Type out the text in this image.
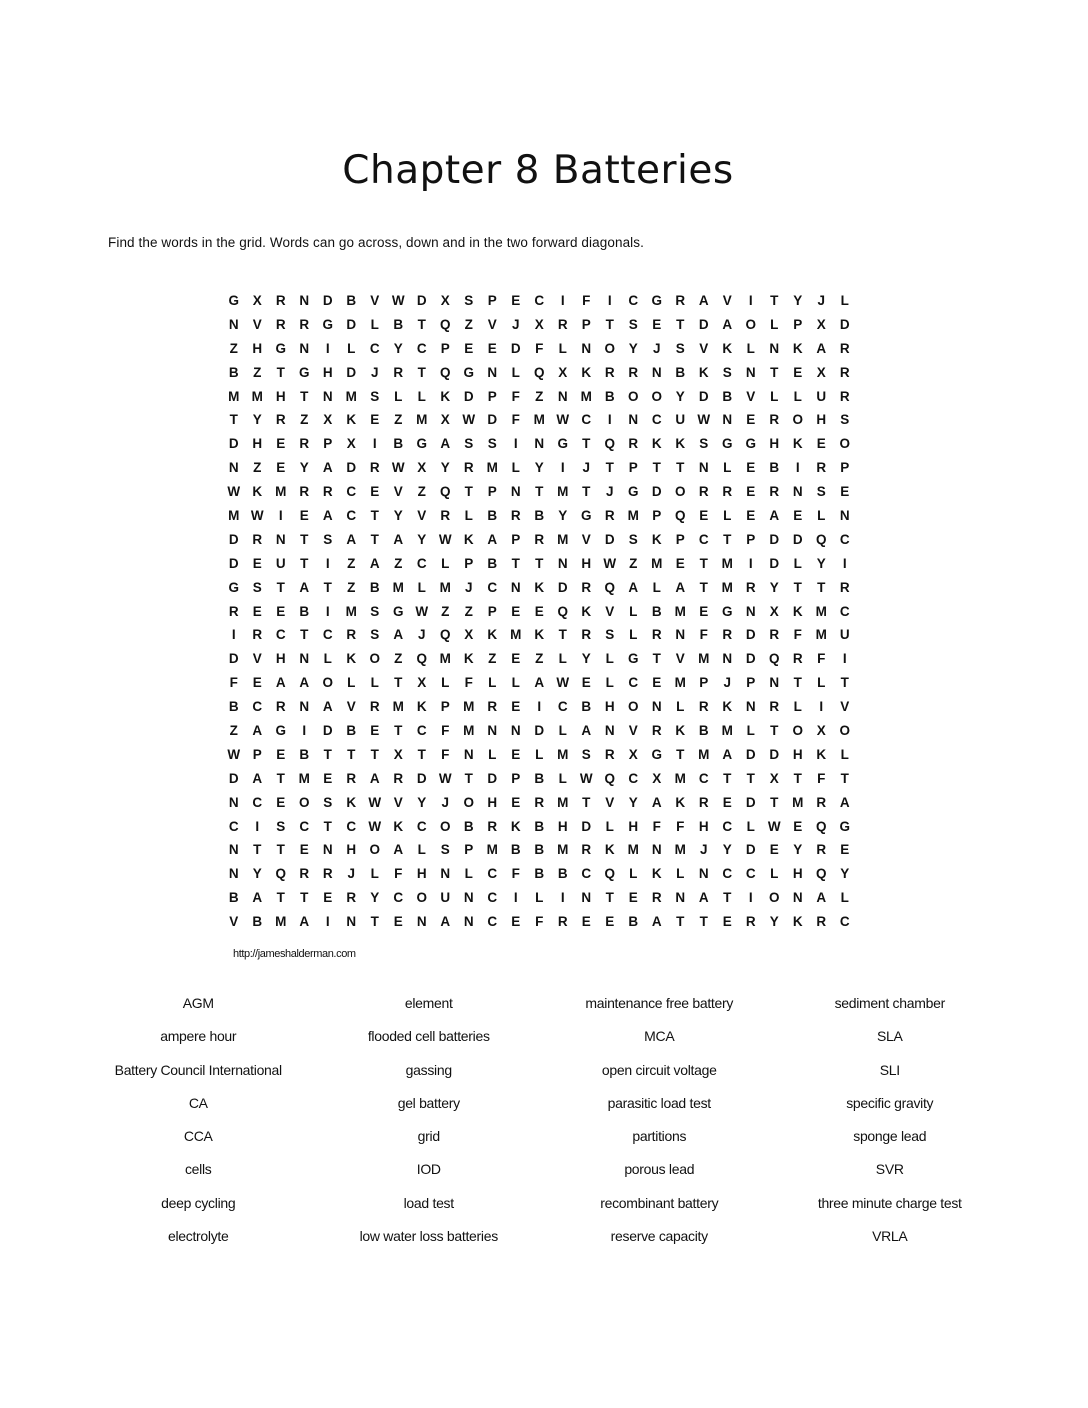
Chapter 8 Batteries
Find the words in the grid. Words can go across, down and in the two forward diagonals.
G X R N D B V W D X S P E C I F I C G R A V I T Y J L
N V R R G D L B T Q Z V J X R P T S E T D A O L P X D
Z H G N I L C Y C P E E D F L N O Y J S V K L N K A R
B Z T G H D J R T Q G N L Q X K R R N B K S N T E X R
M M H T N M S L L K D P F Z N M B O O Y D B V L L U R
T Y R Z X K E Z M X W D F M W C I N C U W N E R O H S
D H E R P X I B G A S S I N G T Q R K K S G G H K E O
N Z E Y A D R W X Y R M L Y I J T P T T N L E B I R P
W K M R R C E V Z Q T P N T M T J G D O R R E R N S E
M W I E A C T Y V R L B R B Y G R M P Q E L E A E L N
D R N T S A T A Y W K A P R M V D S K P C T P D D Q C
D E U T I Z A Z C L P B T T N H W Z M E T M I D L Y I
G S T A T Z B M L M J C N K D R Q A L A T M R Y T T R
R E E B I M S G W Z Z P E E Q K V L B M E G N X K M C
I R C T C R S A J Q X K M K T R S L R N F R D R F M U
D V H N L K O Z Q M K Z E Z L Y L G T V M N D Q R F I
F E A A O L L T X L F L L A W E L C E M P J P N T L T
B C R N A V R M K P M R E I C B H O N L R K N R L I V
Z A G I D B E T C F M N N D L A N V R K B M L T O X O
W P E B T T T X T F N L E L M S R X G T M A D D H K L
D A T M E R A R D W T D P B L W Q C X M C T T X T F T
N C E O S K W V Y J O H E R M T V Y A K R E D T M R A
C I S C T C W K C O B R K B H D L H F F H C L W E Q G
N T T E N H O A L S P M B B M R K M N M J Y D E Y R E
N Y Q R R J L F H N L C F B B C Q L K L N C C L H Q Y
B A T T E R Y C O U N C I L I N T E R N A T I O N A L
V B M A I N T E N A N C E F R E E B A T T E R Y K R C
http://jameshalderman.com
AGM	element	maintenance free battery	sediment chamber
ampere hour	flooded cell batteries	MCA	SLA
Battery Council International	gassing	open circuit voltage	SLI
CA	gel battery	parasitic load test	specific gravity
CCA	grid	partitions	sponge lead
cells	IOD	porous lead	SVR
deep cycling	load test	recombinant battery	three minute charge test
electrolyte	low water loss batteries	reserve capacity	VRLA
